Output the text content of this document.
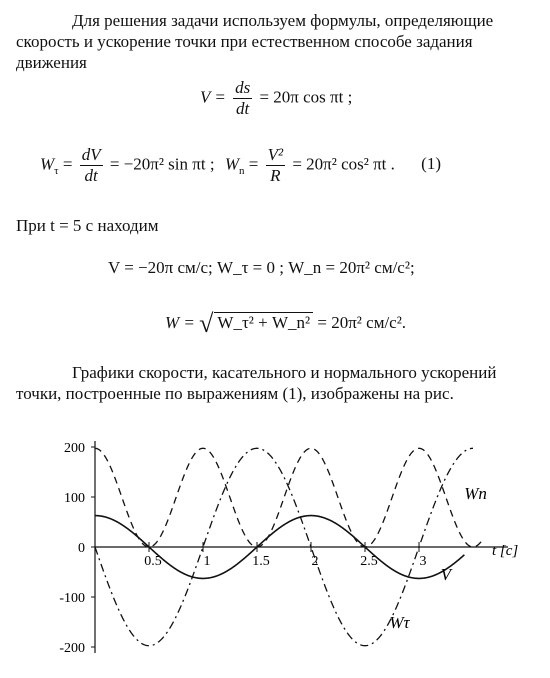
Для решения задачи используем формулы, определяющие
скорость и ускорение точки при естественном способе задания
движения
$V = \frac{ds}{dt} = 20\pi$ cos πt ;
$W_\tau = \frac{dV}{dt} = -20\pi^2$ sin πt ; $W_n = \frac{\text{V²}}{R} = 20\pi^2$ cos² πt . (1)
При t = 5 с находим
V = −20π см/с; W_τ = 0 ; W_n = 20π² см/с²;
W = √ W_τ² + W_n² = 20π² см/с².
Графики скорости, касательного и нормального ускорений
точки, построенные по выражениям (1), изображены на рис.
200
100
0
-100
-200
0.5	1	1.5	2	2.5	3
t [c]
Wn
V
Wτ
